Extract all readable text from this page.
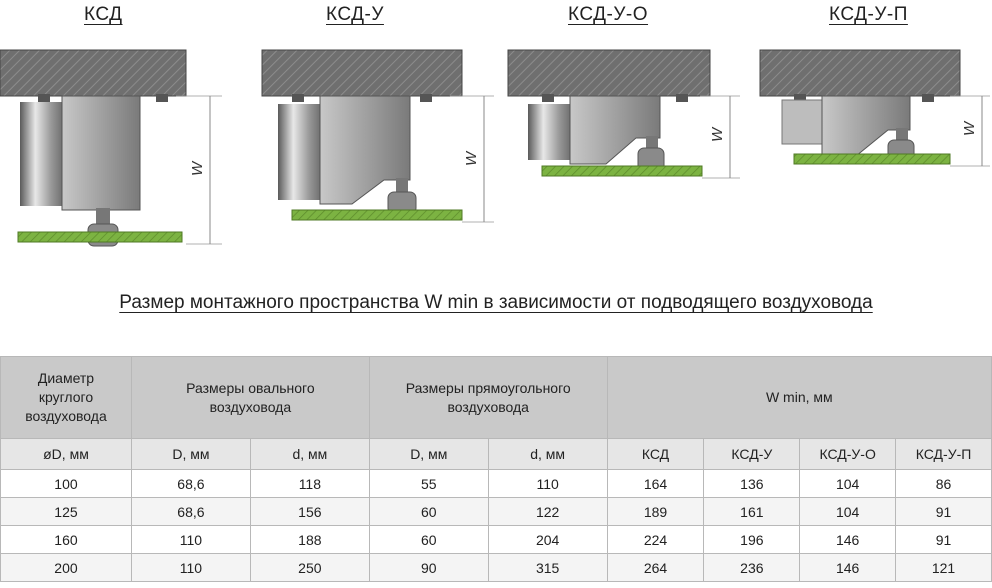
КСД	КСД-У	КСД-У-О	КСД-У-П
W
W
W	W
Размер монтажного пространства W min в зависимости от подводящего воздуховода
Диаметр круглого воздуховода	Размеры овального воздуховода		Размеры прямоугольного воздуховода		W min, мм			
øD, мм	D, мм	d, мм	D, мм	d, мм	КСД	КСД-У	КСД-У-О	КСД-У-П
100	68,6	118	55	110	164	136	104	86
125	68,6	156	60	122	189	161	104	91
160	110	188	60	204	224	196	146	91
200	110	250	90	315	264	236	146	121
